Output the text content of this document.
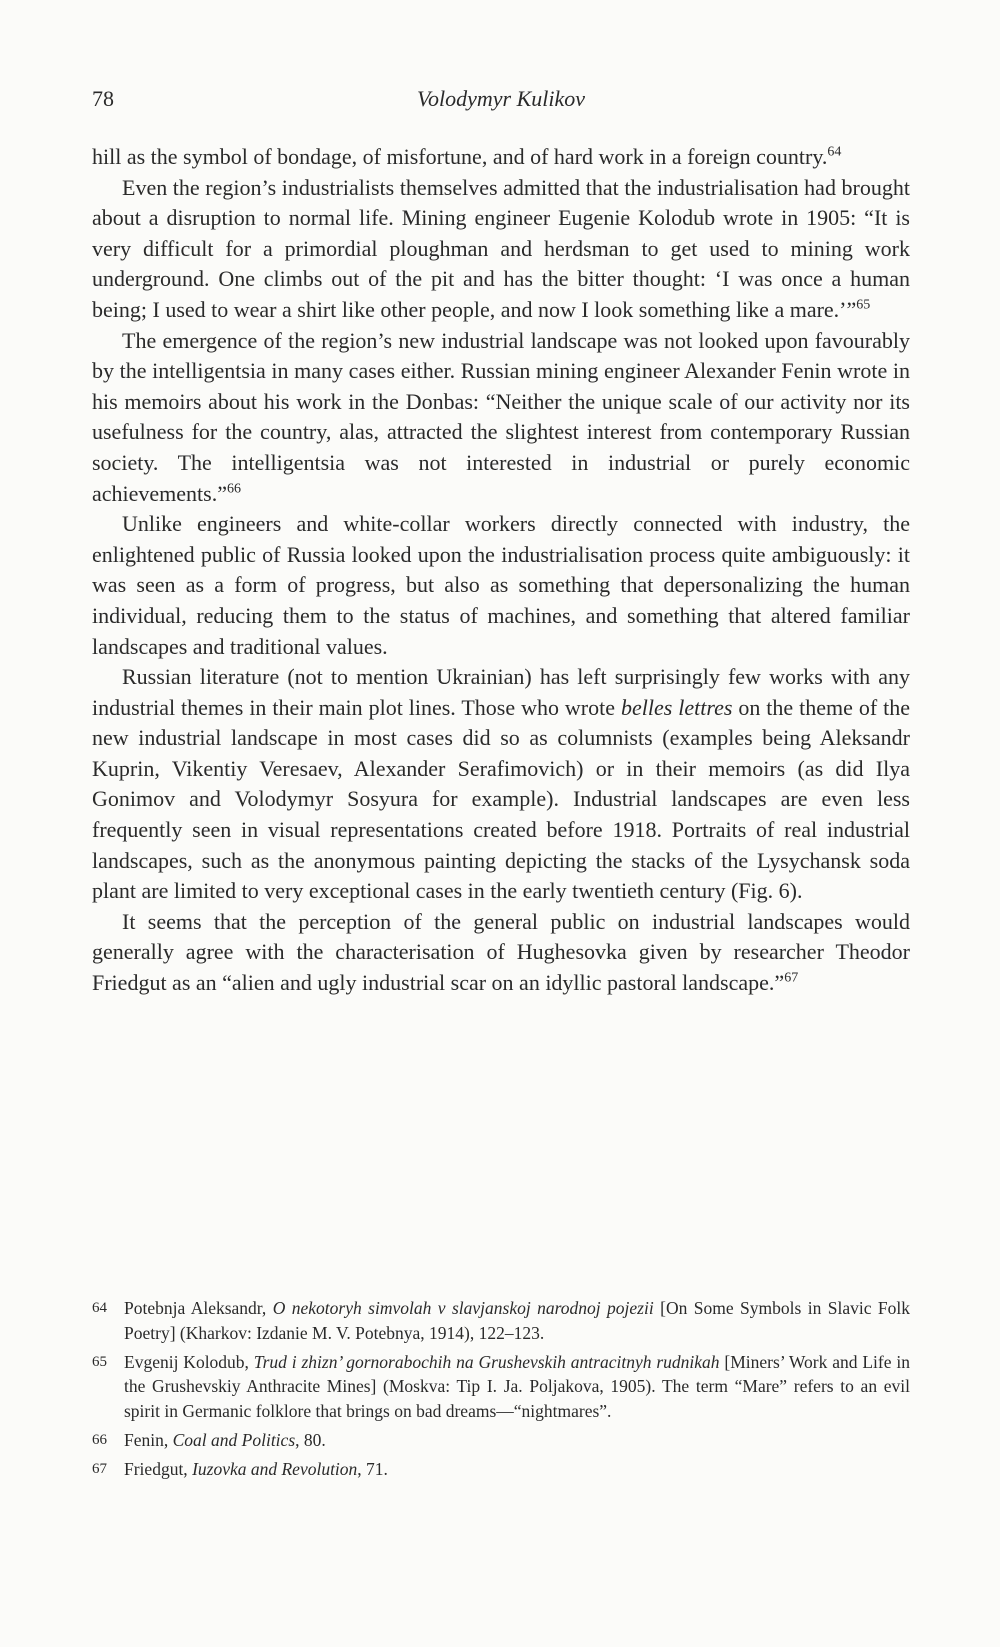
78	Volodymyr Kulikov

hill as the symbol of bondage, of misfortune, and of hard work in a foreign country.$^{64}$

Even the region’s industrialists themselves admitted that the industrialisation had brought about a disruption to normal life. Mining engineer Eugenie Kolodub wrote in 1905: “It is very difficult for a primordial ploughman and herdsman to get used to mining work underground. One climbs out of the pit and has the bitter thought: ‘I was once a human being; I used to wear a shirt like other people, and now I look something like a mare.’”$^{65}$

The emergence of the region’s new industrial landscape was not looked upon favourably by the intelligentsia in many cases either. Russian mining engineer Alexander Fenin wrote in his memoirs about his work in the Donbas: “Neither the unique scale of our activity nor its usefulness for the country, alas, attracted the slightest interest from contemporary Russian society. The intelligentsia was not interested in industrial or purely economic achievements.”$^{66}$

Unlike engineers and white-collar workers directly connected with industry, the enlightened public of Russia looked upon the industrialisation process quite ambiguously: it was seen as a form of progress, but also as something that depersonalizing the human individual, reducing them to the status of machines, and something that altered familiar landscapes and traditional values.

Russian literature (not to mention Ukrainian) has left surprisingly few works with any industrial themes in their main plot lines. Those who wrote belles lettres on the theme of the new industrial landscape in most cases did so as columnists (examples being Aleksandr Kuprin, Vikentiy Veresaev, Alexander Serafimovich) or in their memoirs (as did Ilya Gonimov and Volodymyr Sosyura for example). Industrial landscapes are even less frequently seen in visual representations created before 1918. Portraits of real industrial landscapes, such as the anonymous painting depicting the stacks of the Lysychansk soda plant are limited to very exceptional cases in the early twentieth century (Fig. 6).

It seems that the perception of the general public on industrial landscapes would generally agree with the characterisation of Hughesovka given by researcher Theodor Friedgut as an “alien and ugly industrial scar on an idyllic pastoral landscape.”$^{67}$

64 Potebnja Aleksandr, O nekotoryh simvolah v slavjanskoj narodnoj pojezii [On Some Symbols in Slavic Folk Poetry] (Kharkov: Izdanie M. V. Potebnya, 1914), 122–123.
65 Evgenij Kolodub, Trud i zhizn’ gornorabochih na Grushevskih antracitnyh rudnikah [Miners’ Work and Life in the Grushevskiy Anthracite Mines] (Moskva: Tip I. Ja. Poljakova, 1905). The term “Mare” refers to an evil spirit in Germanic folklore that brings on bad dreams—“nightmares”.
66 Fenin, Coal and Politics, 80.
67 Friedgut, Iuzovka and Revolution, 71.
